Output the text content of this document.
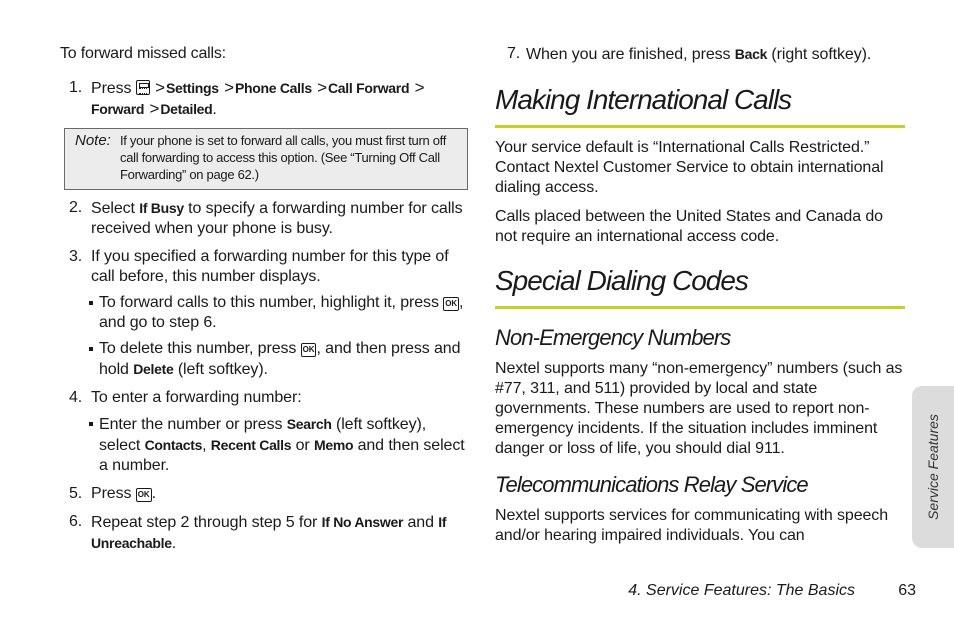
To forward missed calls:

1. Press >Settings >Phone Calls >Call Forward > Forward >Detailed.
Note: If your phone is set to forward all calls, you must first turn off call forwarding to access this option. (See “Turning Off Call Forwarding” on page 62.)

2. Select If Busy to specify a forwarding number for calls received when your phone is busy.
3. If you specified a forwarding number for this type of call before, this number displays.
To forward calls to this number, highlight it, press OK , and go to step 6.
To delete this number, press OK , and then press and hold Delete (left softkey).
4. To enter a forwarding number:
Enter the number or press Search (left softkey), select Contacts, Recent Calls or Memo and then select a number.
5. Press OK .
6. Repeat step 2 through step 5 for If No Answer and If Unreachable.
7. When you are finished, press Back (right softkey).
Making International Calls

Your service default is “International Calls Restricted.” Contact Nextel Customer Service to obtain international dialing access.

Calls placed between the United States and Canada do not require an international access code.

Special Dialing Codes
Non-Emergency Numbers

Nextel supports many “non-emergency” numbers (such as #77, 311, and 511) provided by local and state governments. These numbers are used to report non-emergency incidents. If the situation includes imminent danger or loss of life, you should dial 911.

Telecommunications Relay Service

Nextel supports services for communicating with speech and/or hearing impaired individuals. You can

Service Features
4. Service Features: The Basics	63
